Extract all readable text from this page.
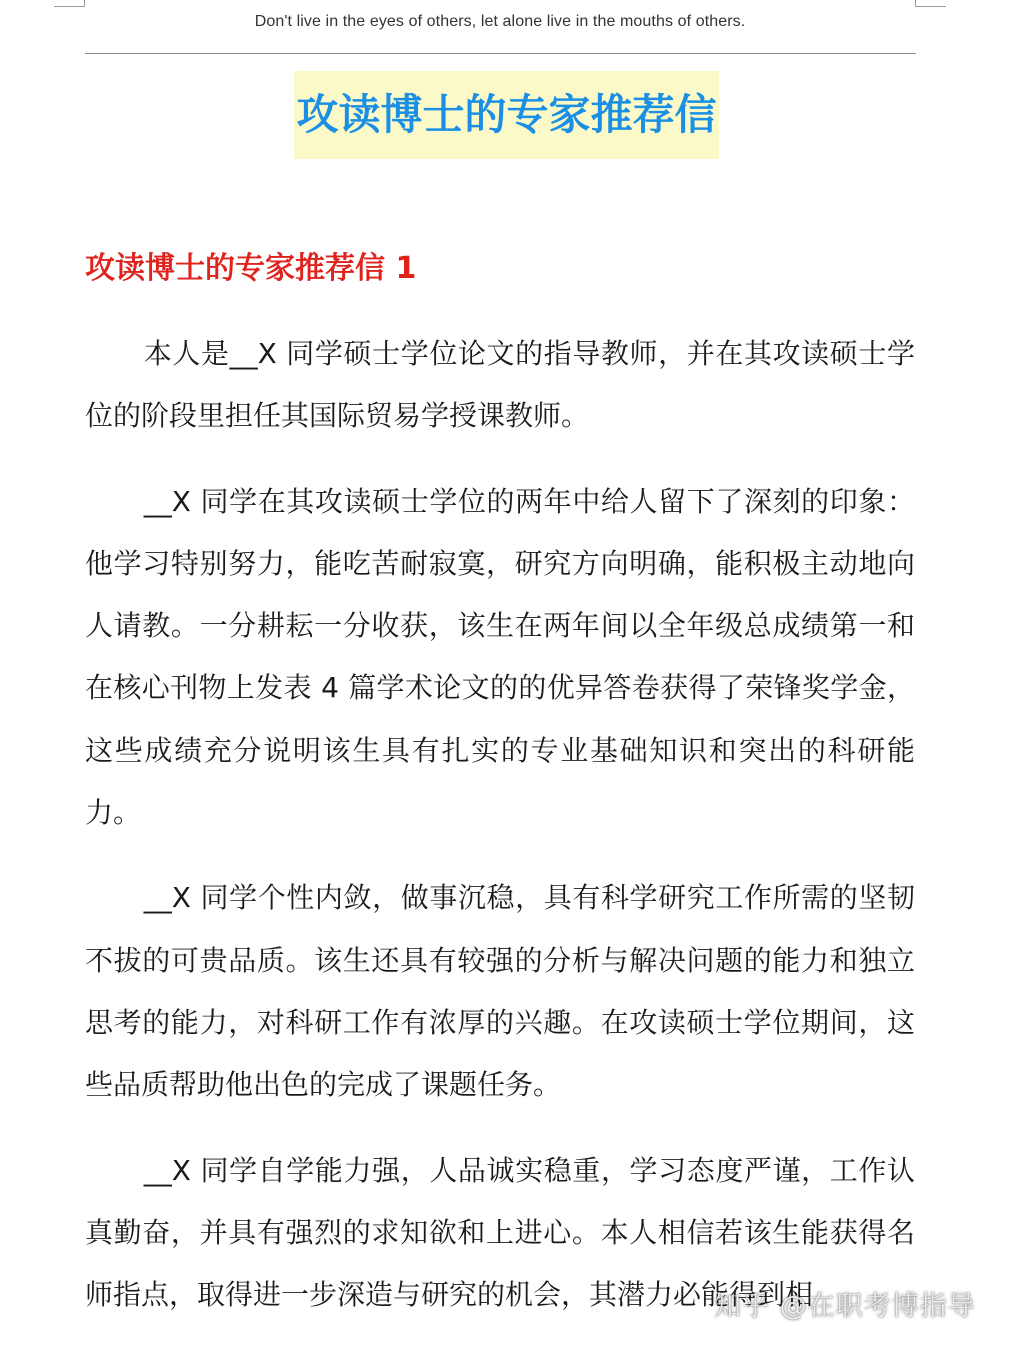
Don't live in the eyes of others, let alone live in the mouths of others.
攻读博士的专家推荐信
攻读博士的专家推荐信 1

本人是__X 同学硕士学位论文的指导教师，并在其攻读硕士学位的阶段里担任其国际贸易学授课教师。

__X 同学在其攻读硕士学位的两年中给人留下了深刻的印象：他学习特别努力，能吃苦耐寂寞，研究方向明确，能积极主动地向人请教。一分耕耘一分收获，该生在两年间以全年级总成绩第一和在核心刊物上发表 4 篇学术论文的的优异答卷获得了荣锋奖学金，这些成绩充分说明该生具有扎实的专业基础知识和突出的科研能力。

__X 同学个性内敛，做事沉稳，具有科学研究工作所需的坚韧不拔的可贵品质。该生还具有较强的分析与解决问题的能力和独立思考的能力，对科研工作有浓厚的兴趣。在攻读硕士学位期间，这些品质帮助他出色的完成了课题任务。

__X 同学自学能力强，人品诚实稳重，学习态度严谨，工作认真勤奋，并具有强烈的求知欲和上进心。本人相信若该生能获得名师指点，取得进一步深造与研究的机会，其潜力必能得到相

知乎 @在职考博指导
